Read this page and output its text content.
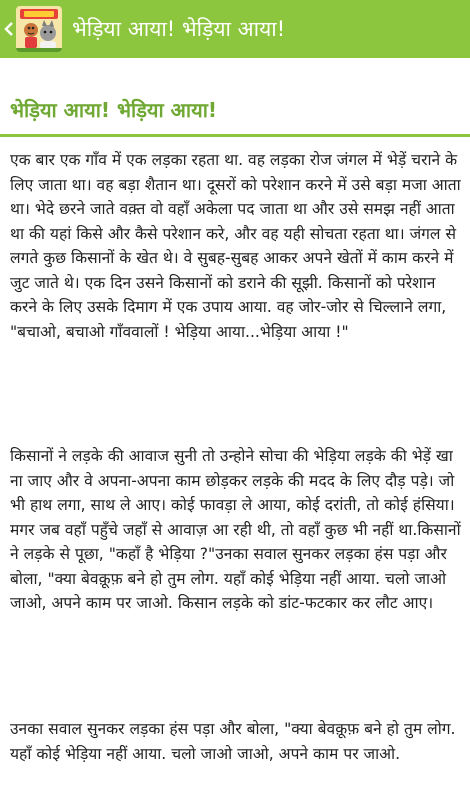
भेड़िया आया! भेड़िया आया!
भेड़िया आया! भेड़िया आया!

एक बार एक गाँव में एक लड़का रहता था. वह लड़का रोज जंगल में भेड़ें चराने के लिए जाता था। वह बड़ा शैतान था। दूसरों को परेशान करने में उसे बड़ा मजा आता था। भेदे छरने जाते वक़्त वो वहाँ अकेला पद जाता था और उसे समझ नहीं आता था की यहां किसे और कैसे परेशान करे, और वह यही सोचता रहता था। जंगल से लगते कुछ किसानों के खेत थे। वे सुबह-सुबह आकर अपने खेतों में काम करने में जुट जाते थे। एक दिन उसने किसानों को डराने की सूझी. किसानों को परेशान करने के लिए उसके दिमाग में एक उपाय आया. वह जोर-जोर से चिल्लाने लगा, "बचाओ, बचाओ गाँववालों ! भेड़िया आया...भेड़िया आया !"

किसानों ने लड़के की आवाज सुनी तो उन्होने सोचा की भेड़िया लड़के की भेड़ें खा ना जाए और वे अपना-अपना काम छोड़कर लड़के की मदद के लिए दौड़ पड़े। जो भी हाथ लगा, साथ ले आए। कोई फावड़ा ले आया, कोई दरांती, तो कोई हंसिया। मगर जब वहाँ पहुँचे जहाँ से आवाज़ आ रही थी, तो वहाँ कुछ भी नहीं था.किसानों ने लड़के से पूछा, "कहाँ है भेड़िया ?"उनका सवाल सुनकर लड़का हंस पड़ा और बोला, "क्या बेवक़ूफ़ बने हो तुम लोग. यहाँ कोई भेड़िया नहीं आया. चलो जाओ जाओ, अपने काम पर जाओ. किसान लड़के को डांट-फटकार कर लौट आए।

उनका सवाल सुनकर लड़का हंस पड़ा और बोला, "क्या बेवक़ूफ़ बने हो तुम लोग. यहाँ कोई भेड़िया नहीं आया. चलो जाओ जाओ, अपने काम पर जाओ.
